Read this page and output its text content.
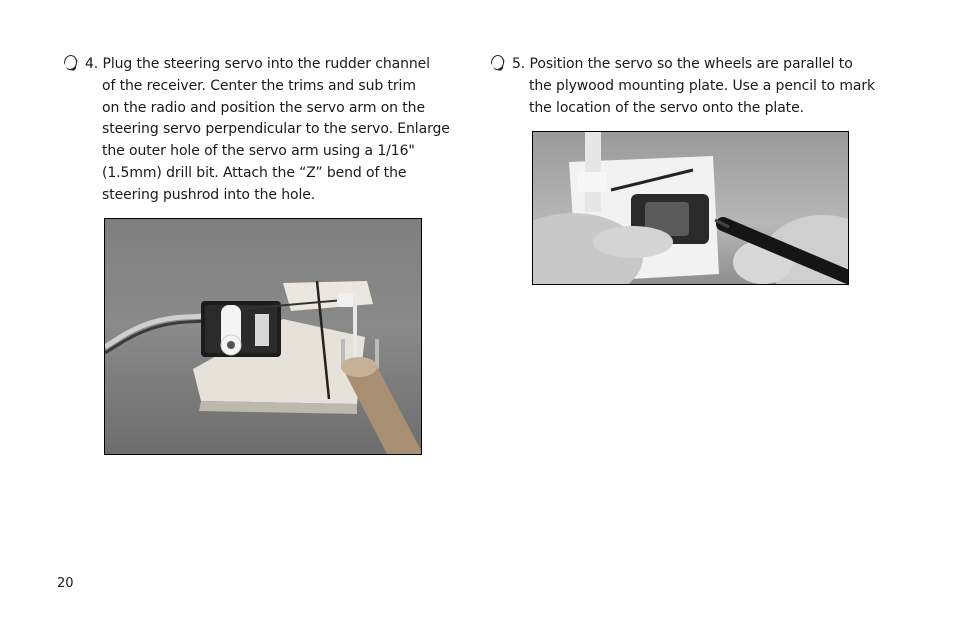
4. Plug the steering servo into the rudder channel
of the receiver. Center the trims and sub trim
on the radio and position the servo arm on the
steering servo perpendicular to the servo. Enlarge
the outer hole of the servo arm using a 1/16"
(1.5mm) drill bit. Attach the “Z” bend of the
steering pushrod into the hole.
5. Position the servo so the wheels are parallel to
the plywood mounting plate. Use a pencil to mark
the location of the servo onto the plate.
20
